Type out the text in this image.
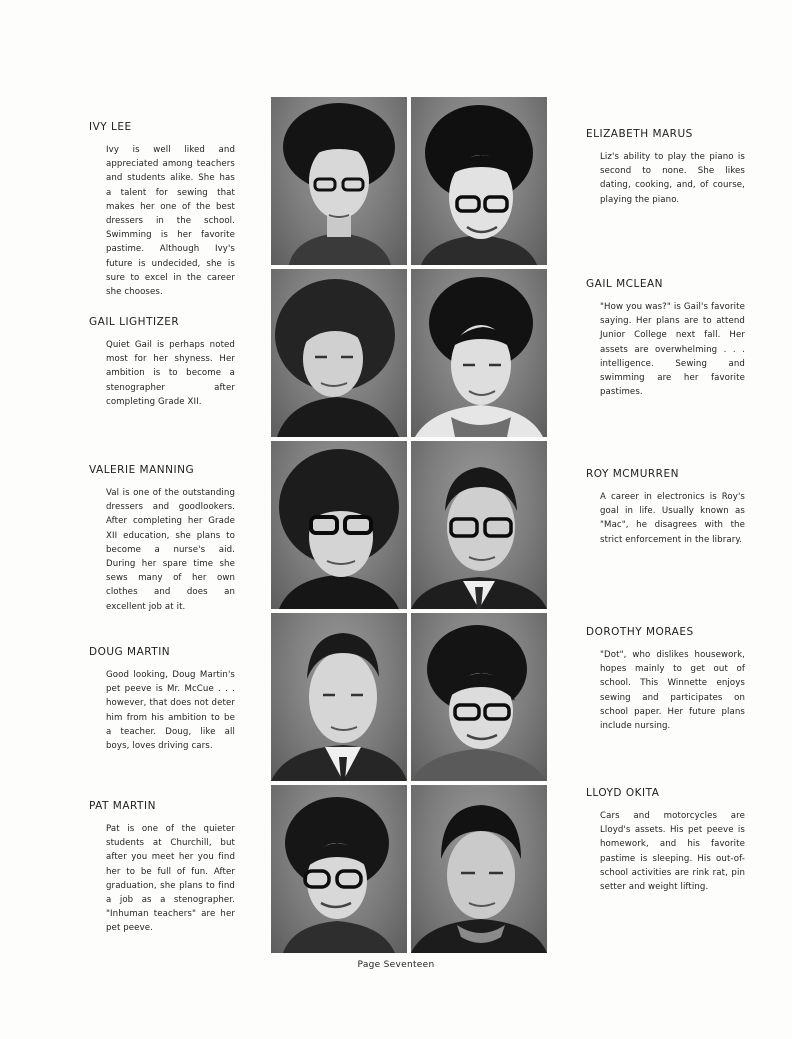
IVY LEE

Ivy is well liked and appreciated among teachers and students alike. She has a talent for sewing that makes her one of the best dressers in the school. Swimming is her favorite pastime. Although Ivy's future is undecided, she is sure to excel in the career she chooses.

GAIL LIGHTIZER

Quiet Gail is perhaps noted most for her shyness. Her ambition is to become a stenographer after completing Grade XII.

VALERIE MANNING

Val is one of the outstanding dressers and goodlookers. After completing her Grade XII education, she plans to become a nurse's aid. During her spare time she sews many of her own clothes and does an excellent job at it.

DOUG MARTIN

Good looking, Doug Martin's pet peeve is Mr. McCue . . . however, that does not deter him from his ambition to be a teacher. Doug, like all boys, loves driving cars.

PAT MARTIN

Pat is one of the quieter students at Churchill, but after you meet her you find her to be full of fun. After graduation, she plans to find a job as a stenographer. "Inhuman teachers" are her pet peeve.

ELIZABETH MARUS

Liz's ability to play the piano is second to none. She likes dating, cooking, and, of course, playing the piano.

GAIL MCLEAN

"How you was?" is Gail's favorite saying. Her plans are to attend Junior College next fall. Her assets are overwhelming . . . intelligence. Sewing and swimming are her favorite pastimes.

ROY MCMURREN

A career in electronics is Roy's goal in life. Usually known as "Mac", he disagrees with the strict enforcement in the library.

DOROTHY MORAES

"Dot", who dislikes housework, hopes mainly to get out of school. This Winnette enjoys sewing and participates on school paper. Her future plans include nursing.

LLOYD OKITA

Cars and motorcycles are Lloyd's assets. His pet peeve is homework, and his favorite pastime is sleeping. His out-of-school activities are rink rat, pin setter and weight lifting.

Page Seventeen
